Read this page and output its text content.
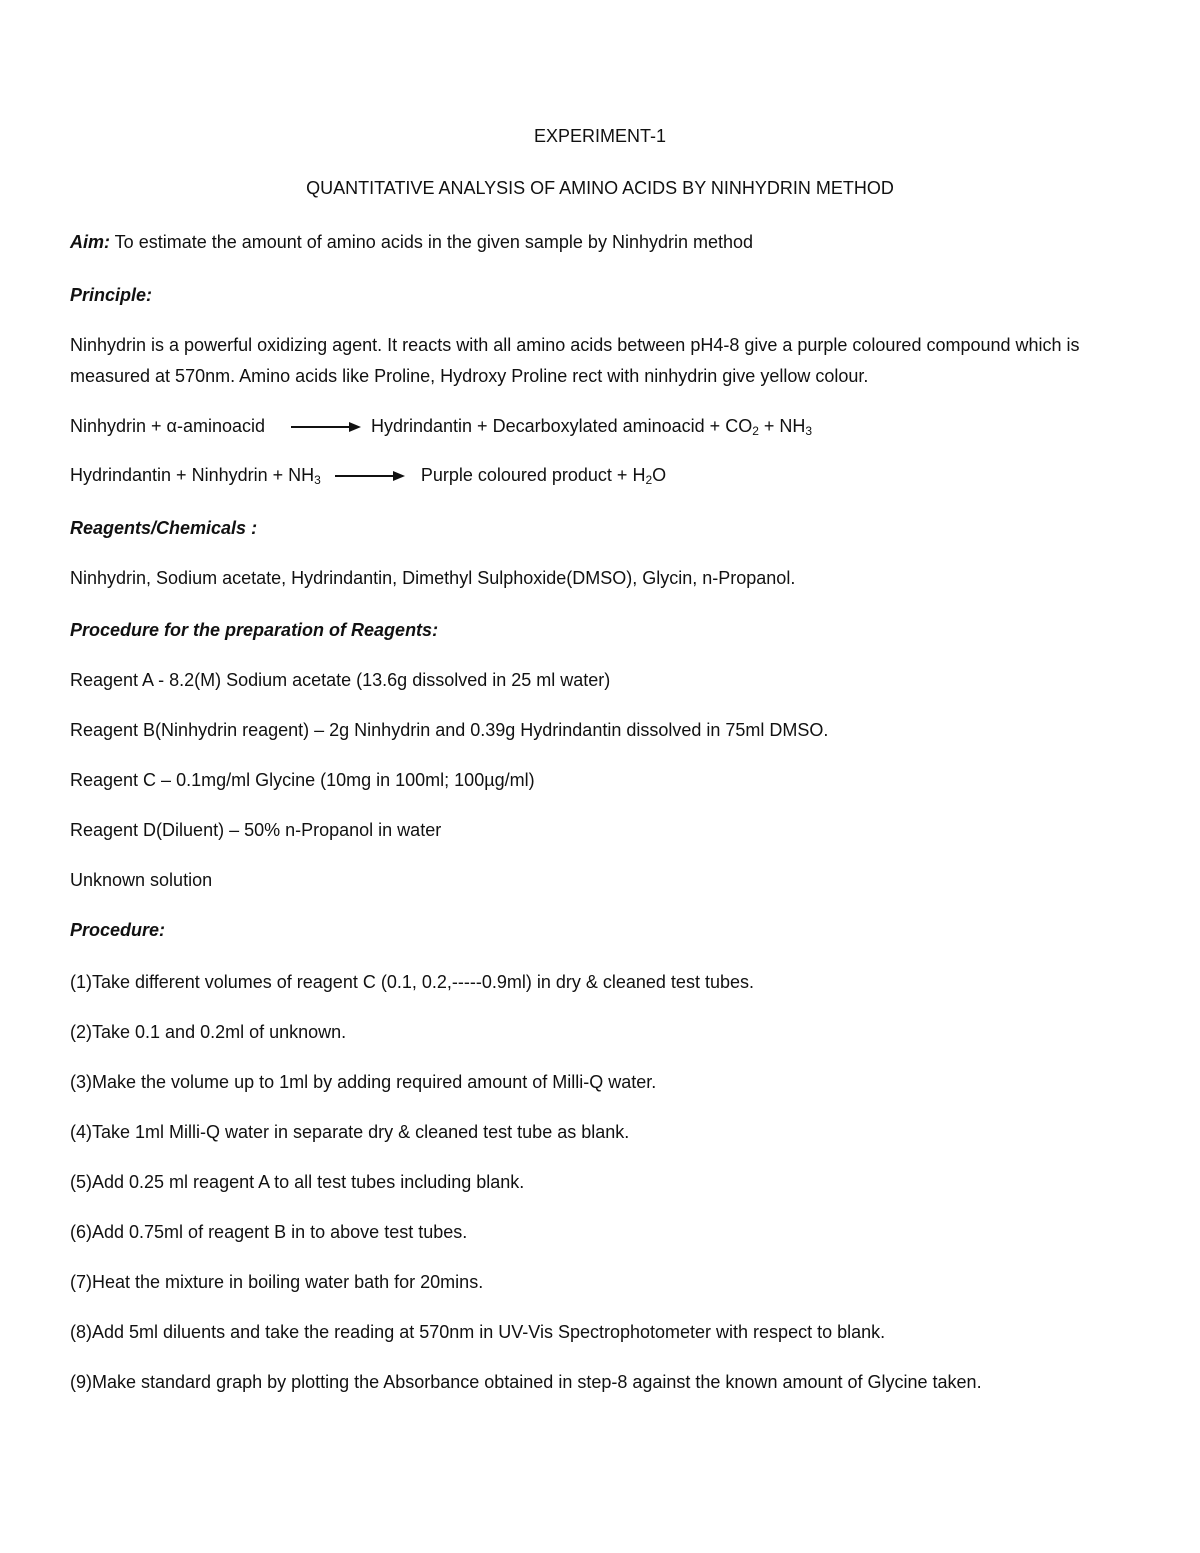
EXPERIMENT-1
QUANTITATIVE ANALYSIS OF AMINO ACIDS BY NINHYDRIN METHOD
Aim: To estimate the amount of amino acids in the given sample by Ninhydrin method
Principle:
Ninhydrin is a powerful oxidizing agent. It reacts with all amino acids between pH4-8 give a purple coloured compound which is measured at 570nm. Amino acids like Proline, Hydroxy Proline rect with ninhydrin give yellow colour.
Ninhydrin + α-aminoacid	Hydrindantin + Decarboxylated aminoacid + $CO_2 + NH_3$
Hydrindantin + Ninhydrin + $NH_3$	Purple coloured product + $H_2O$
Reagents/Chemicals :
Ninhydrin, Sodium acetate, Hydrindantin, Dimethyl Sulphoxide(DMSO), Glycin, n-Propanol.
Procedure for the preparation of Reagents:
Reagent A - 8.2(M) Sodium acetate (13.6g dissolved in 25 ml water)
Reagent B(Ninhydrin reagent) – 2g Ninhydrin and 0.39g Hydrindantin dissolved in 75ml DMSO.
Reagent C – 0.1mg/ml Glycine (10mg in 100ml; 100µg/ml)
Reagent D(Diluent) – 50% n-Propanol in water
Unknown solution
Procedure:
(1)Take different volumes of reagent C (0.1, 0.2,-----0.9ml) in dry & cleaned test tubes.
(2)Take 0.1 and 0.2ml of unknown.
(3)Make the volume up to 1ml by adding required amount of Milli-Q water.
(4)Take 1ml Milli-Q water in separate dry & cleaned test tube as blank.
(5)Add 0.25 ml reagent A to all test tubes including blank.
(6)Add 0.75ml of reagent B in to above test tubes.
(7)Heat the mixture in boiling water bath for 20mins.
(8)Add 5ml diluents and take the reading at 570nm in UV-Vis Spectrophotometer with respect to blank.
(9)Make standard graph by plotting the Absorbance obtained in step-8 against the known amount of Glycine taken.
